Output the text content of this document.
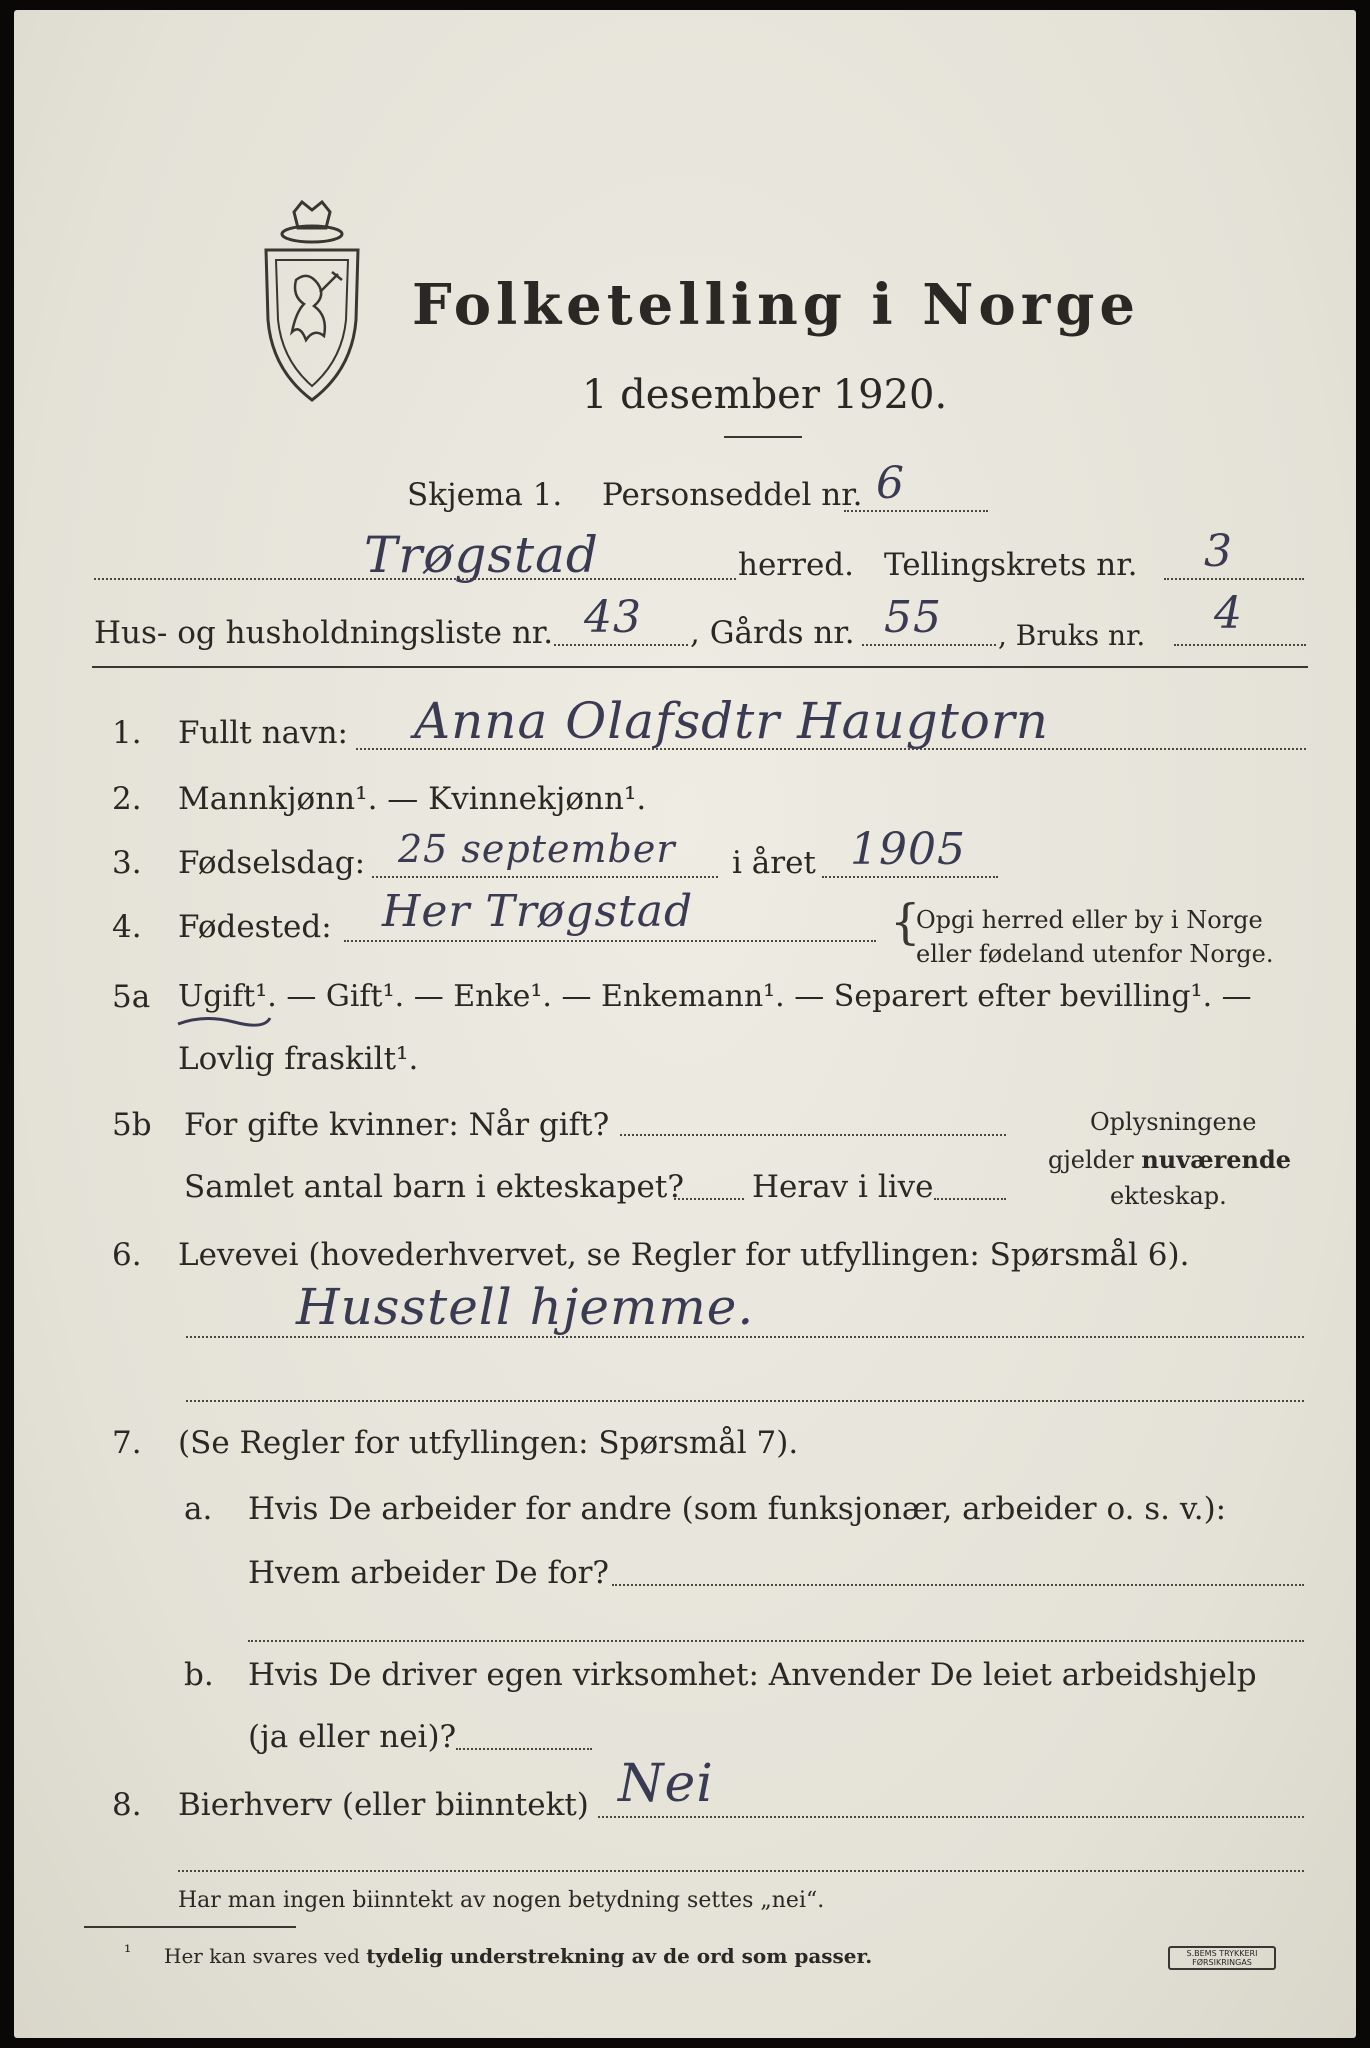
Folketelling i Norge
1 desember 1920.
Skjema 1. Personseddel nr. 6
Trøgstad	herred. Tellingskrets nr. 3
Hus- og husholdningsliste nr. 43 , Gårds nr. 55 , Bruks nr. 4
1. Fullt navn: Anna Olafsdtr Haugtorn
2. Mannkjønn¹. — Kvinnekjønn¹.
3. Fødselsdag: 25 september i året 1905
4. Fødested: Her Trøgstad	{
Opgi herred eller by i Norge
eller fødeland utenfor Norge.
5a Ugift¹. — Gift¹. — Enke¹. — Enkemann¹. — Separert efter bevilling¹. —
Lovlig fraskilt¹.
5b For gifte kvinner: Når gift?
Samlet antal barn i ekteskapet? Herav i live
Oplysningene
gjelder nuværende
ekteskap.
6. Levevei (hovederhvervet, se Regler for utfyllingen: Spørsmål 6).
Husstell hjemme.
7. (Se Regler for utfyllingen: Spørsmål 7).
a. Hvis De arbeider for andre (som funksjonær, arbeider o. s. v.):
Hvem arbeider De for?
b. Hvis De driver egen virksomhet: Anvender De leiet arbeidshjelp
(ja eller nei)?
8. Bierhverv (eller biinntekt) Nei
Har man ingen biinntekt av nogen betydning settes „nei“.
¹ Her kan svares ved tydelig understrekning av de ord som passer.	S.BEMS TRYKKERI
FØRSIKRINGAS
